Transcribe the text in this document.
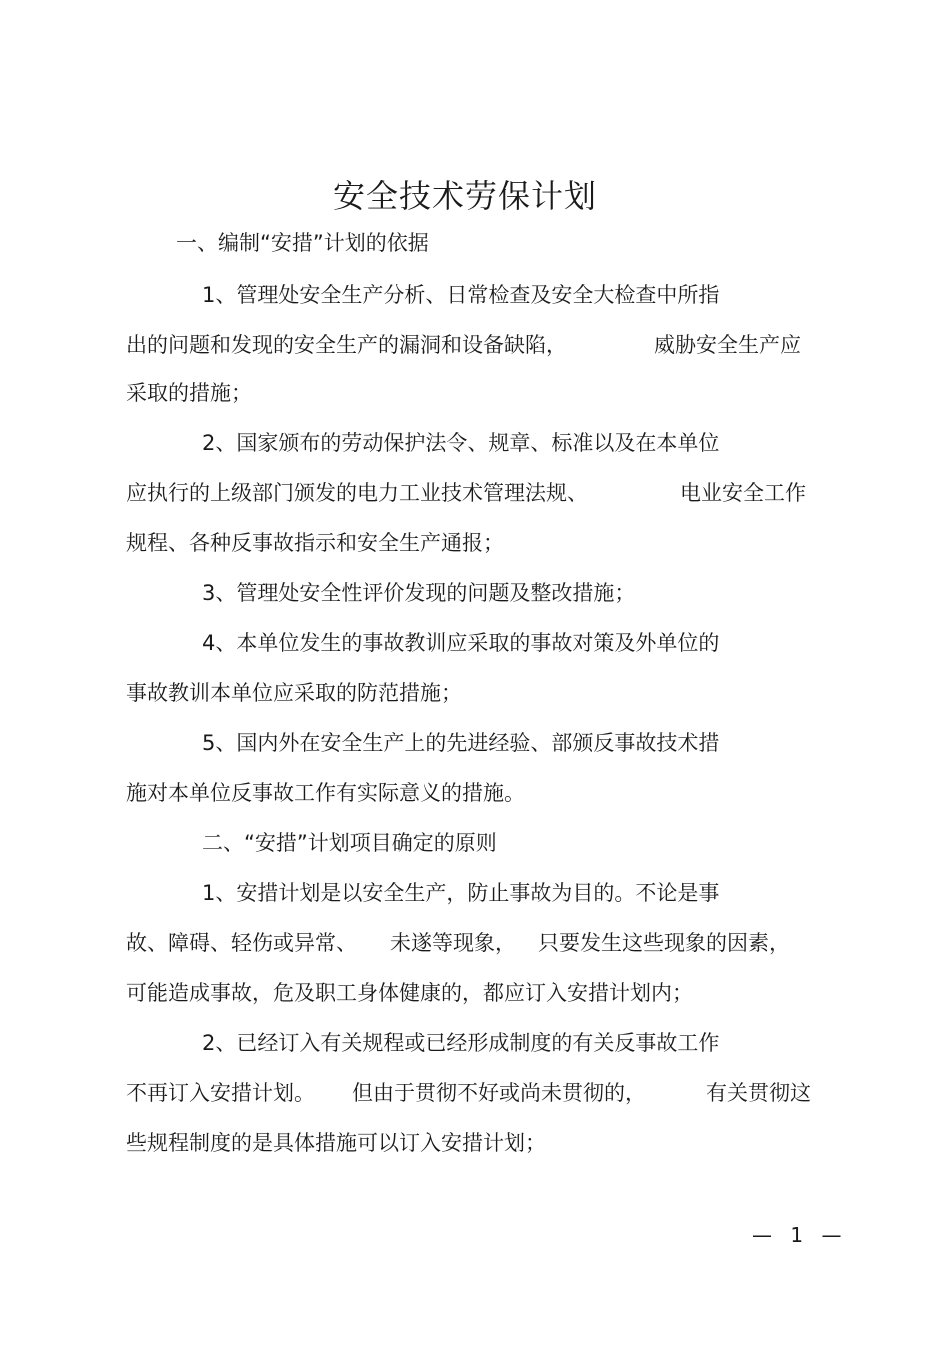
安全技术劳保计划
一、编制“安措”计划的依据
1、管理处安全生产分析、日常检查及安全大检查中所指
出的问题和发现的安全生产的漏洞和设备缺陷，	威胁安全生产应
采取的措施；
2、国家颁布的劳动保护法令、规章、标准以及在本单位
应执行的上级部门颁发的电力工业技术管理法规、	电业安全工作
规程、各种反事故指示和安全生产通报；
3、管理处安全性评价发现的问题及整改措施；
4、本单位发生的事故教训应采取的事故对策及外单位的
事故教训本单位应采取的防范措施；
5、国内外在安全生产上的先进经验、部颁反事故技术措
施对本单位反事故工作有实际意义的措施。
二、“安措”计划项目确定的原则
1、安措计划是以安全生产，防止事故为目的。不论是事
故、障碍、轻伤或异常、 未遂等现象， 只要发生这些现象的因素，
可能造成事故，危及职工身体健康的，都应订入安措计划内；
2、已经订入有关规程或已经形成制度的有关反事故工作
不再订入安措计划。 但由于贯彻不好或尚未贯彻的，	有关贯彻这
些规程制度的是具体措施可以订入安措计划；
— 1 —
